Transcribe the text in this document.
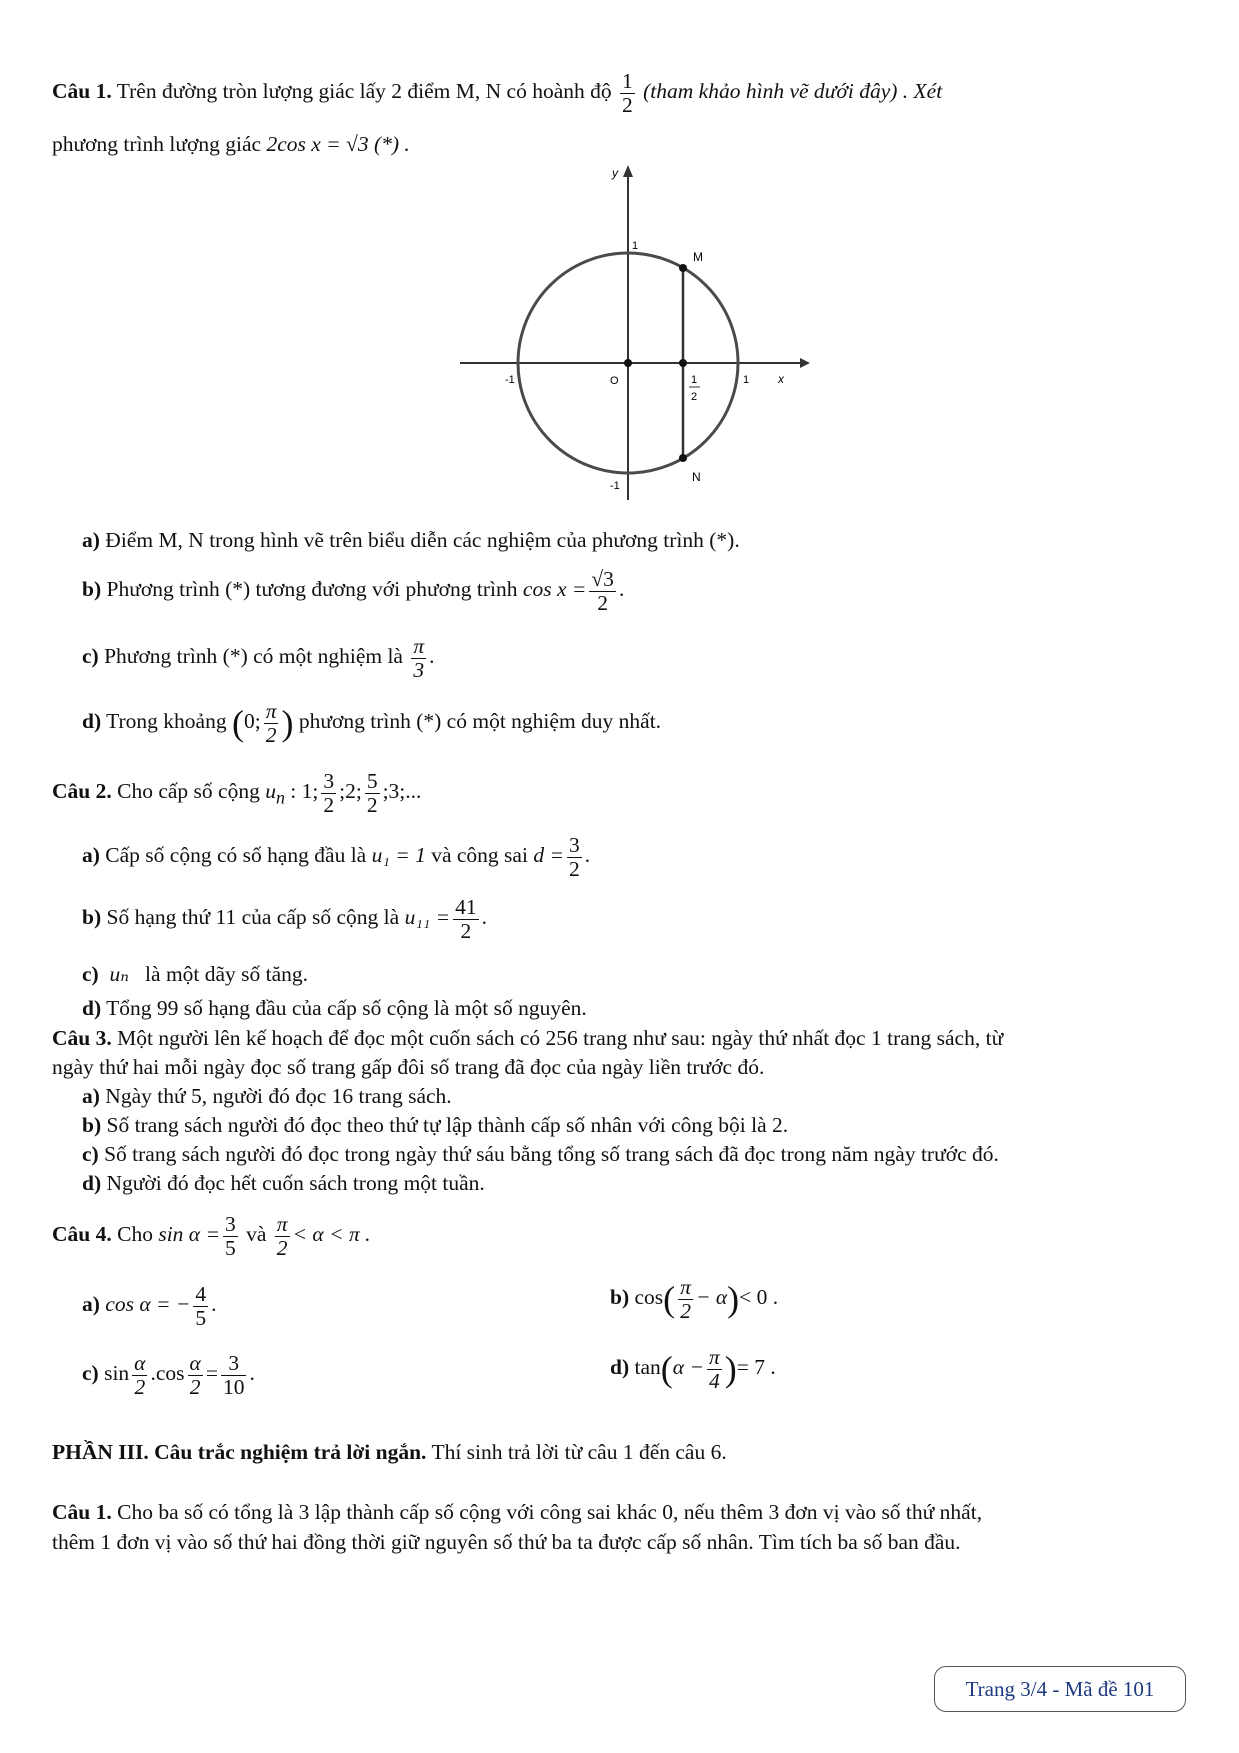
Câu 1. Trên đường tròn lượng giác lấy 2 điểm M, N có hoành độ $\frac{1}{2}$ (tham khảo hình vẽ dưới đây) . Xét
phương trình lượng giác 2cos x = √3 (*) .
y
x
O
1
-1
-1	1
1
2
M
N
a) Điểm M, N trong hình vẽ trên biểu diễn các nghiệm của phương trình (*).
b) Phương trình (*) tương đương với phương trình $\cos x = \frac{√3}{2}$ .
c) Phương trình (*) có một nghiệm là $\frac{\pi}{3}$ .
d) Trong khoảng (0; $\frac{\pi}{2}$ ) phương trình (*) có một nghiệm duy nhất.
Câu 2. Cho cấp số cộng $u_n$ : 1; $\frac{3}{2}$ ;2; $\frac{5}{2}$ ;3;...
a) Cấp số cộng có số hạng đầu là u₁ = 1 và công sai $d = \frac{3}{2}$ .
b) Số hạng thứ 11 của cấp số cộng là $u_{11} = \frac{41}{2}$ .
c) uₙ là một dãy số tăng.
d) Tổng 99 số hạng đầu của cấp số cộng là một số nguyên.
Câu 3. Một người lên kế hoạch để đọc một cuốn sách có 256 trang như sau: ngày thứ nhất đọc 1 trang sách, từ
ngày thứ hai mỗi ngày đọc số trang gấp đôi số trang đã đọc của ngày liền trước đó.
a) Ngày thứ 5, người đó đọc 16 trang sách.
b) Số trang sách người đó đọc theo thứ tự lập thành cấp số nhân với công bội là 2.
c) Số trang sách người đó đọc trong ngày thứ sáu bằng tổng số trang sách đã đọc trong năm ngày trước đó.
d) Người đó đọc hết cuốn sách trong một tuần.
Câu 4. Cho $\sin \alpha = \frac{3}{5}$ và $\frac{\pi}{2} < \alpha < \pi$ .
a) cos α = − $\frac{4}{5}$ .	b) $\cos( \frac{\pi}{2} - \alpha)< 0$ .
c) $\sin \frac{\alpha}{2} .\cos \frac{\alpha}{2} = \frac{3}{10}$ .	d) $\tan(\alpha - \frac{\pi}{4}$ )= 7 .
PHẦN III. Câu trắc nghiệm trả lời ngắn. Thí sinh trả lời từ câu 1 đến câu 6.
Câu 1. Cho ba số có tổng là 3 lập thành cấp số cộng với công sai khác 0, nếu thêm 3 đơn vị vào số thứ nhất,
thêm 1 đơn vị vào số thứ hai đồng thời giữ nguyên số thứ ba ta được cấp số nhân. Tìm tích ba số ban đầu.
Trang 3/4 - Mã đề 101
